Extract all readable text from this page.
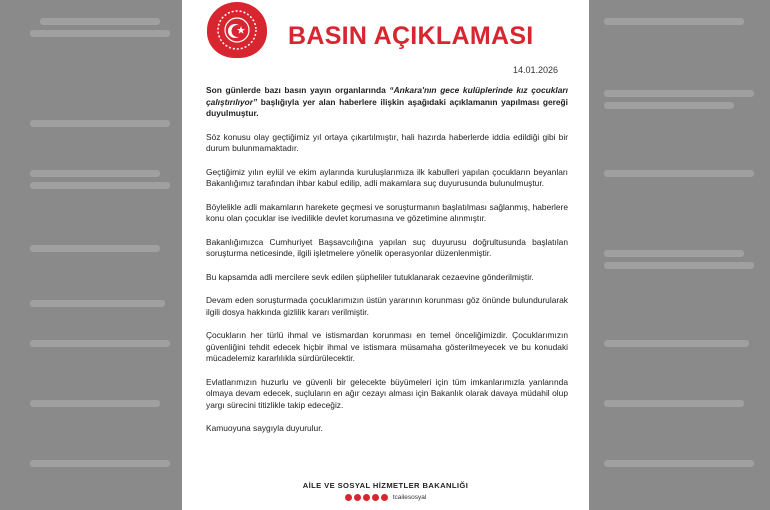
BASIN AÇIKLAMASI
14.01.2026

Son günlerde bazı basın yayın organlarında “Ankara'nın gece kulüplerinde kız çocukları çalıştırılıyor” başlığıyla yer alan haberlere ilişkin aşağıdaki açıklamanın yapılması gereği duyulmuştur.

Söz konusu olay geçtiğimiz yıl ortaya çıkartılmıştır, hali hazırda haberlerde iddia edildiği gibi bir durum bulunmamaktadır.

Geçtiğimiz yılın eylül ve ekim aylarında kuruluşlarımıza ilk kabulleri yapılan çocukların beyanları Bakanlığımız tarafından ihbar kabul edilip, adli makamlara suç duyurusunda bulunulmuştur.

Böylelikle adli makamların harekete geçmesi ve soruşturmanın başlatılması sağlanmış, haberlere konu olan çocuklar ise ivedilikle devlet korumasına ve gözetimine alınmıştır.

Bakanlığımızca Cumhuriyet Başsavcılığına yapılan suç duyurusu doğrultusunda başlatılan soruşturma neticesinde, ilgili işletmelere yönelik operasyonlar düzenlenmiştir.

Bu kapsamda adli mercilere sevk edilen şüpheliler tutuklanarak cezaevine gönderilmiştir.

Devam eden soruşturmada çocuklarımızın üstün yararının korunması göz önünde bulundurularak ilgili dosya hakkında gizlilik kararı verilmiştir.

Çocukların her türlü ihmal ve istismardan korunması en temel önceliğimizdir. Çocuklarımızın güvenliğini tehdit edecek hiçbir ihmal ve istismara müsamaha gösterilmeyecek ve bu konudaki mücadelemiz kararlılıkla sürdürülecektir.

Evlatlarımızın huzurlu ve güvenli bir gelecekte büyümeleri için tüm imkanlarımızla yanlarında olmaya devam edecek, suçluların en ağır cezayı alması için Bakanlık olarak davaya müdahil olup yargı sürecini titizlikle takip edeceğiz.

Kamuoyuna saygıyla duyurulur.

AİLE VE SOSYAL HİZMETLER BAKANLIĞI
tcailesosyal
